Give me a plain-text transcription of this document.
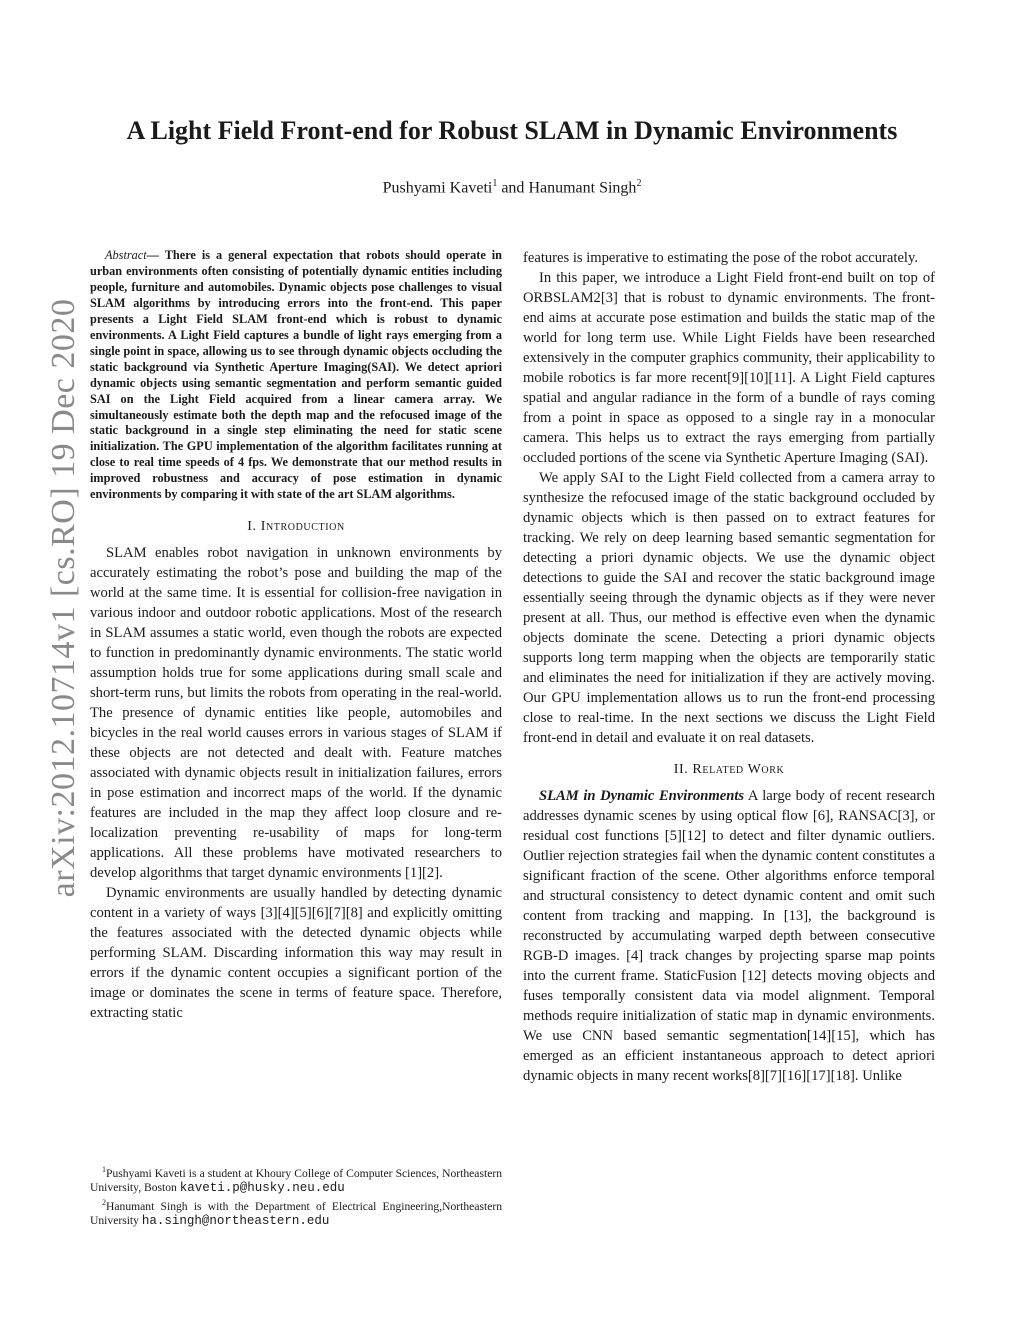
arXiv:2012.10714v1 [cs.RO] 19 Dec 2020
A Light Field Front-end for Robust SLAM in Dynamic Environments
Pushyami Kaveti$^1$ and Hanumant Singh$^2$

Abstract— There is a general expectation that robots should operate in urban environments often consisting of potentially dynamic entities including people, furniture and automobiles. Dynamic objects pose challenges to visual SLAM algorithms by introducing errors into the front-end. This paper presents a Light Field SLAM front-end which is robust to dynamic environments. A Light Field captures a bundle of light rays emerging from a single point in space, allowing us to see through dynamic objects occluding the static background via Synthetic Aperture Imaging(SAI). We detect apriori dynamic objects using semantic segmentation and perform semantic guided SAI on the Light Field acquired from a linear camera array. We simultaneously estimate both the depth map and the refocused image of the static background in a single step eliminating the need for static scene initialization. The GPU implementation of the algorithm facilitates running at close to real time speeds of 4 fps. We demonstrate that our method results in improved robustness and accuracy of pose estimation in dynamic environments by comparing it with state of the art SLAM algorithms.

I. Introduction

SLAM enables robot navigation in unknown environments by accurately estimating the robot’s pose and building the map of the world at the same time. It is essential for collision-free navigation in various indoor and outdoor robotic applications. Most of the research in SLAM assumes a static world, even though the robots are expected to function in predominantly dynamic environments. The static world assumption holds true for some applications during small scale and short-term runs, but limits the robots from operating in the real-world. The presence of dynamic entities like people, automobiles and bicycles in the real world causes errors in various stages of SLAM if these objects are not detected and dealt with. Feature matches associated with dynamic objects result in initialization failures, errors in pose estimation and incorrect maps of the world. If the dynamic features are included in the map they affect loop closure and re-localization preventing re-usability of maps for long-term applications. All these problems have motivated researchers to develop algorithms that target dynamic environments [1][2].

Dynamic environments are usually handled by detecting dynamic content in a variety of ways [3][4][5][6][7][8] and explicitly omitting the features associated with the detected dynamic objects while performing SLAM. Discarding information this way may result in errors if the dynamic content occupies a significant portion of the image or dominates the scene in terms of feature space. Therefore, extracting static

features is imperative to estimating the pose of the robot accurately.

In this paper, we introduce a Light Field front-end built on top of ORBSLAM2[3] that is robust to dynamic environments. The front-end aims at accurate pose estimation and builds the static map of the world for long term use. While Light Fields have been researched extensively in the computer graphics community, their applicability to mobile robotics is far more recent[9][10][11]. A Light Field captures spatial and angular radiance in the form of a bundle of rays coming from a point in space as opposed to a single ray in a monocular camera. This helps us to extract the rays emerging from partially occluded portions of the scene via Synthetic Aperture Imaging (SAI).

We apply SAI to the Light Field collected from a camera array to synthesize the refocused image of the static background occluded by dynamic objects which is then passed on to extract features for tracking. We rely on deep learning based semantic segmentation for detecting a priori dynamic objects. We use the dynamic object detections to guide the SAI and recover the static background image essentially seeing through the dynamic objects as if they were never present at all. Thus, our method is effective even when the dynamic objects dominate the scene. Detecting a priori dynamic objects supports long term mapping when the objects are temporarily static and eliminates the need for initialization if they are actively moving. Our GPU implementation allows us to run the front-end processing close to real-time. In the next sections we discuss the Light Field front-end in detail and evaluate it on real datasets.

II. Related Work

SLAM in Dynamic Environments A large body of recent research addresses dynamic scenes by using optical flow [6], RANSAC[3], or residual cost functions [5][12] to detect and filter dynamic outliers. Outlier rejection strategies fail when the dynamic content constitutes a significant fraction of the scene. Other algorithms enforce temporal and structural consistency to detect dynamic content and omit such content from tracking and mapping. In [13], the background is reconstructed by accumulating warped depth between consecutive RGB-D images. [4] track changes by projecting sparse map points into the current frame. StaticFusion [12] detects moving objects and fuses temporally consistent data via model alignment. Temporal methods require initialization of static map in dynamic environments. We use CNN based semantic segmentation[14][15], which has emerged as an efficient instantaneous approach to detect apriori dynamic objects in many recent works[8][7][16][17][18]. Unlike

$^1$Pushyami Kaveti is a student at Khoury College of Computer Sciences, Northeastern University, Boston kaveti.p@husky.neu.edu

$^2$Hanumant Singh is with the Department of Electrical Engineering,Northeastern University ha.singh@northeastern.edu
